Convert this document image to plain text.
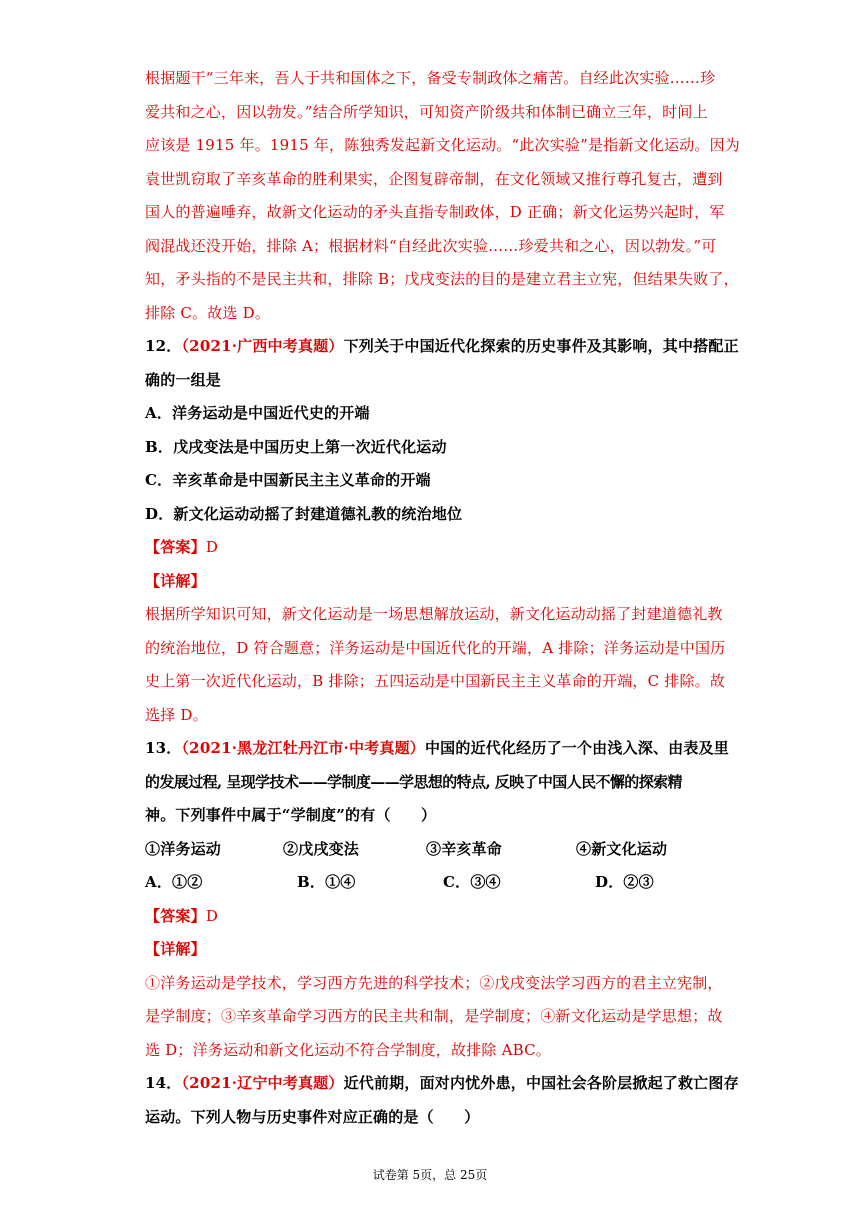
根据题干“三年来，吾人于共和国体之下，备受专制政体之痛苦。自经此次实验……珍
爱共和之心，因以勃发。”结合所学知识，可知资产阶级共和体制已确立三年，时间上
应该是 1915 年。1915 年，陈独秀发起新文化运动。“此次实验”是指新文化运动。因为
袁世凯窃取了辛亥革命的胜利果实，企图复辟帝制，在文化领域又推行尊孔复古，遭到
国人的普遍唾弃，故新文化运动的矛头直指专制政体，D 正确；新文化运势兴起时，军
阀混战还没开始，排除 A；根据材料“自经此次实验……珍爱共和之心，因以勃发。”可
知，矛头指的不是民主共和，排除 B；戊戌变法的目的是建立君主立宪，但结果失败了，
排除 C。故选 D。
12．（2021·广西中考真题）下列关于中国近代化探索的历史事件及其影响，其中搭配正
确的一组是
A．洋务运动是中国近代史的开端
B．戊戌变法是中国历史上第一次近代化运动
C．辛亥革命是中国新民主主义革命的开端
D．新文化运动动摇了封建道德礼教的统治地位
【答案】D
【详解】
根据所学知识可知，新文化运动是一场思想解放运动，新文化运动动摇了封建道德礼教
的统治地位，D 符合题意；洋务运动是中国近代化的开端，A 排除；洋务运动是中国历
史上第一次近代化运动，B 排除；五四运动是中国新民主主义革命的开端，C 排除。故
选择 D。
13．（2021·黑龙江牡丹江市·中考真题）中国的近代化经历了一个由浅入深、由表及里
的发展过程, 呈现学技术——学制度——学思想的特点, 反映了中国人民不懈的探索精
神。下列事件中属于“学制度”的有（　　）
①洋务运动	②戊戌变法	③辛亥革命	④新文化运动
A．①②	B．①④	C．③④	D．②③
【答案】D
【详解】
①洋务运动是学技术，学习西方先进的科学技术；②戊戌变法学习西方的君主立宪制，
是学制度；③辛亥革命学习西方的民主共和制，是学制度；④新文化运动是学思想；故
选 D；洋务运动和新文化运动不符合学制度，故排除 ABC。
14．（2021·辽宁中考真题）近代前期，面对内忧外患，中国社会各阶层掀起了救亡图存
运动。下列人物与历史事件对应正确的是（　　）
试卷第 5页，总 25页
